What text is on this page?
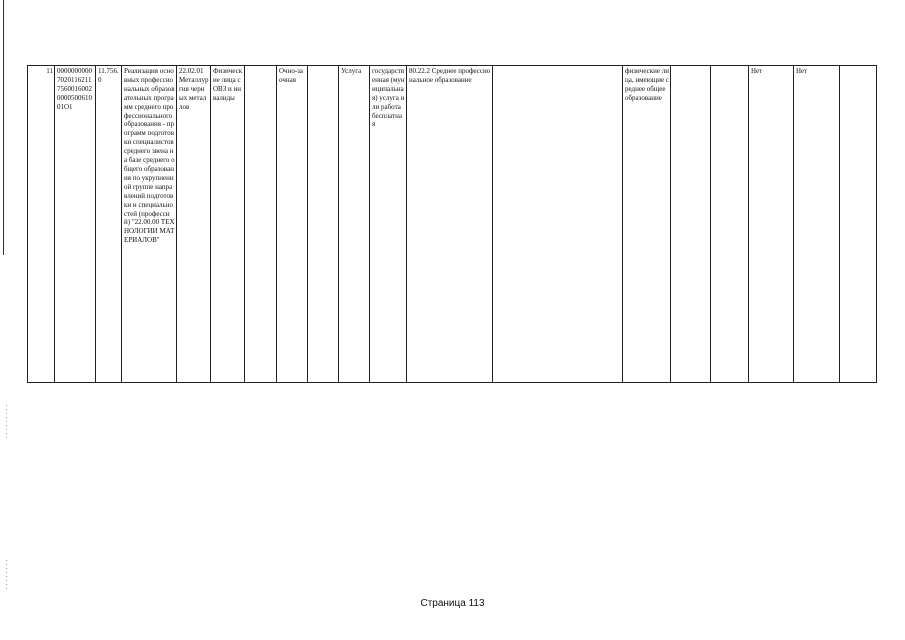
11 000000000070201162117560016002000050061001O1
11.756.0
Реализация основных профессиональных образовательных программ среднего профессионального образования - программ подготовки специалистов среднего звена на базе среднего общего образования по укрупненной группе направлений подготовки и специальностей (профессий) "22.00.00 ТЕХНОЛОГИИ МАТЕРИАЛОВ"
22.02.01 Металлургия черных металлов
Физические лица с ОВЗ и инвалиды
Очно-заочная
Услуга	государственная (муниципальная) услуга или работа бесплатная
80.22.2 Среднее профессиональное образование
физические лица, имеющие среднее общее образование
Нет	Нет
Страница 113
